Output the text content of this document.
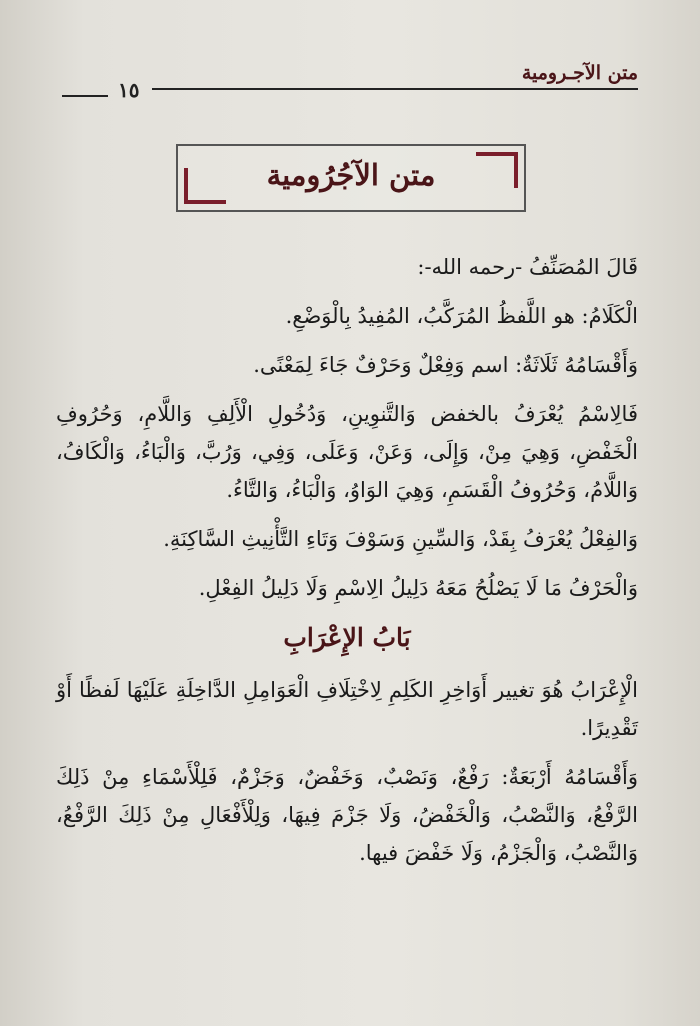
متن الآجـرومية
١٥
متن الآجُرُومية

قَالَ المُصَنِّفُ -رحمه الله-:

الْكَلَامُ: هو اللَّفظُ المُرَكَّبُ، المُفِيدُ بِالْوَضْعِ.

وَأَقْسَامُهُ ثَلَاثَةٌ: اسم وَفِعْلٌ وَحَرْفٌ جَاءَ لِمَعْنًى.

فَالِاسْمُ يُعْرَفُ بالخفض وَالتَّنوِينِ، وَدُخُولِ الْأَلِفِ وَاللَّامِ، وَحُرُوفِ الْخَفْضِ، وَهِيَ مِنْ، وَإِلَى، وَعَنْ، وَعَلَى، وَفِي، وَرُبَّ، وَالْبَاءُ، وَالْكَافُ، وَاللَّامُ، وَحُرُوفُ الْقَسَمِ، وَهِيَ الوَاوُ، وَالْبَاءُ، وَالتَّاءُ.

وَالفِعْلُ يُعْرَفُ بِقَدْ، وَالسِّينِ وَسَوْفَ وَتَاءِ التَّأْنِيثِ السَّاكِنَةِ.

وَالْحَرْفُ مَا لَا يَصْلُحُ مَعَهُ دَلِيلُ الِاسْمِ وَلَا دَلِيلُ الفِعْلِ.

بَابُ الإِعْرَابِ

الْإِعْرَابُ هُوَ تغيير أَوَاخِرِ الكَلِمِ لِاخْتِلَافِ الْعَوَامِلِ الدَّاخِلَةِ عَلَيْهَا لَفظًا أَوْ تَقْدِيرًا.

وَأَقْسَامُهُ أَرْبَعَةٌ: رَفْعٌ، وَنَصْبٌ، وَخَفْضٌ، وَجَزْمٌ، فَلِلْأَسْمَاءِ مِنْ ذَلِكَ الرَّفْعُ، وَالنَّصْبُ، وَالْخَفْضُ، وَلَا جَزْمَ فِيهَا، وَلِلْأَفْعَالِ مِنْ ذَلِكَ الرَّفْعُ، وَالنَّصْبُ، وَالْجَزْمُ، وَلَا خَفْضَ فيها.
